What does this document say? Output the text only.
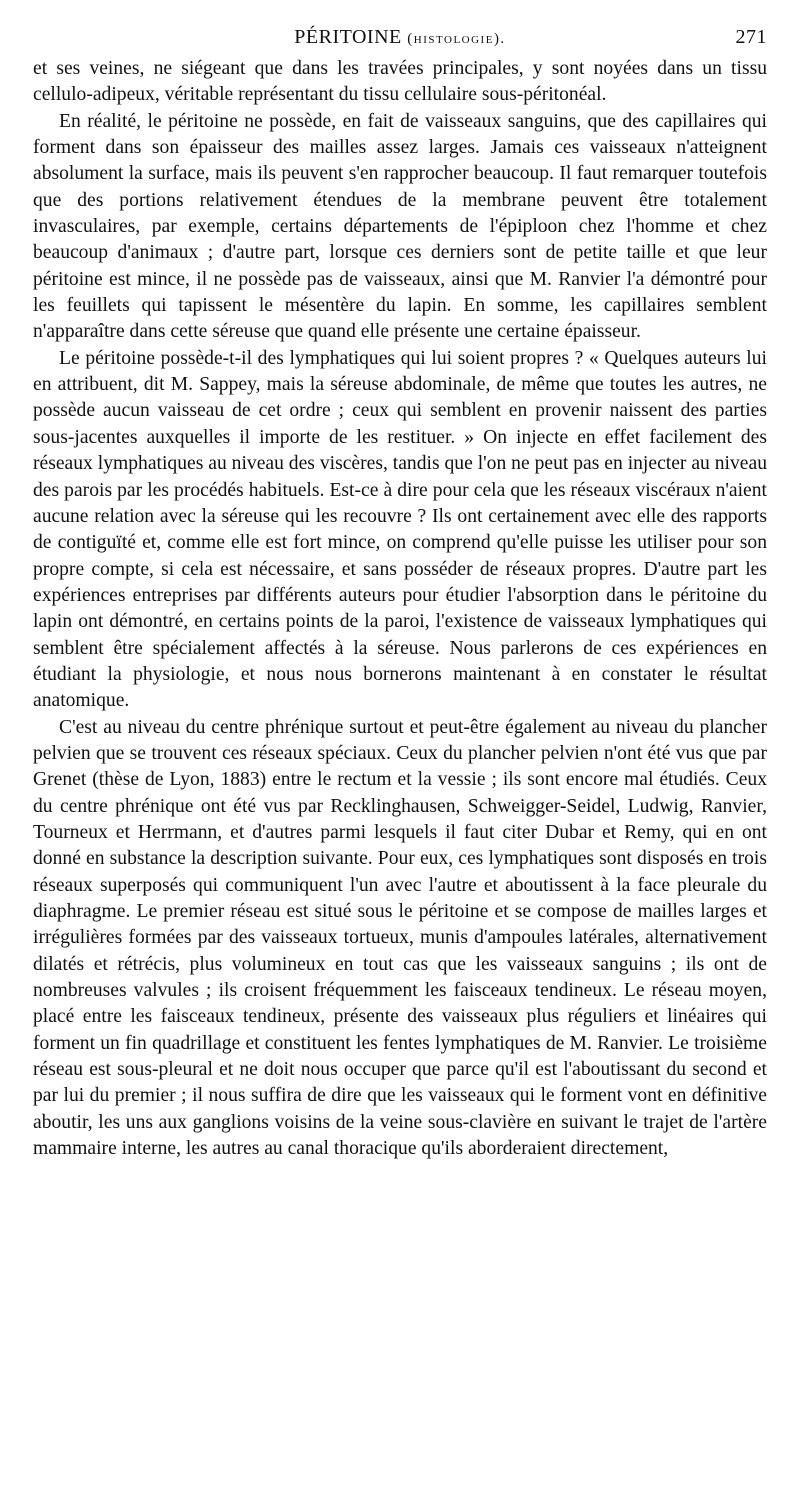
PÉRITOINE (histologie).	271

et ses veines, ne siégeant que dans les travées principales, y sont noyées dans un tissu cellulo-adipeux, véritable représentant du tissu cellulaire sous-péritonéal.

En réalité, le péritoine ne possède, en fait de vaisseaux sanguins, que des capillaires qui forment dans son épaisseur des mailles assez larges. Jamais ces vaisseaux n'atteignent absolument la surface, mais ils peuvent s'en rapprocher beaucoup. Il faut remarquer toutefois que des portions relativement étendues de la membrane peuvent être totalement invasculaires, par exemple, certains départements de l'épiploon chez l'homme et chez beaucoup d'animaux ; d'autre part, lorsque ces derniers sont de petite taille et que leur péritoine est mince, il ne possède pas de vaisseaux, ainsi que M. Ranvier l'a démontré pour les feuillets qui tapissent le mésentère du lapin. En somme, les capillaires semblent n'apparaître dans cette séreuse que quand elle présente une certaine épaisseur.

Le péritoine possède-t-il des lymphatiques qui lui soient propres ? « Quelques auteurs lui en attribuent, dit M. Sappey, mais la séreuse abdominale, de même que toutes les autres, ne possède aucun vaisseau de cet ordre ; ceux qui semblent en provenir naissent des parties sous-jacentes auxquelles il importe de les restituer. » On injecte en effet facilement des réseaux lymphatiques au niveau des viscères, tandis que l'on ne peut pas en injecter au niveau des parois par les procédés habituels. Est-ce à dire pour cela que les réseaux viscéraux n'aient aucune relation avec la séreuse qui les recouvre ? Ils ont certainement avec elle des rapports de contiguïté et, comme elle est fort mince, on comprend qu'elle puisse les utiliser pour son propre compte, si cela est nécessaire, et sans posséder de réseaux propres. D'autre part les expériences entreprises par différents auteurs pour étudier l'absorption dans le péritoine du lapin ont démontré, en certains points de la paroi, l'existence de vaisseaux lymphatiques qui semblent être spécialement affectés à la séreuse. Nous parlerons de ces expériences en étudiant la physiologie, et nous nous bornerons maintenant à en constater le résultat anatomique.

C'est au niveau du centre phrénique surtout et peut-être également au niveau du plancher pelvien que se trouvent ces réseaux spéciaux. Ceux du plancher pelvien n'ont été vus que par Grenet (thèse de Lyon, 1883) entre le rectum et la vessie ; ils sont encore mal étudiés. Ceux du centre phrénique ont été vus par Recklinghausen, Schweigger-Seidel, Ludwig, Ranvier, Tourneux et Herrmann, et d'autres parmi lesquels il faut citer Dubar et Remy, qui en ont donné en substance la description suivante. Pour eux, ces lymphatiques sont disposés en trois réseaux superposés qui communiquent l'un avec l'autre et aboutissent à la face pleurale du diaphragme. Le premier réseau est situé sous le péritoine et se compose de mailles larges et irrégulières formées par des vaisseaux tortueux, munis d'ampoules latérales, alternativement dilatés et rétrécis, plus volumineux en tout cas que les vaisseaux sanguins ; ils ont de nombreuses valvules ; ils croisent fréquemment les faisceaux tendineux. Le réseau moyen, placé entre les faisceaux tendineux, présente des vaisseaux plus réguliers et linéaires qui forment un fin quadrillage et constituent les fentes lymphatiques de M. Ranvier. Le troisième réseau est sous-pleural et ne doit nous occuper que parce qu'il est l'aboutissant du second et par lui du premier ; il nous suffira de dire que les vaisseaux qui le forment vont en définitive aboutir, les uns aux ganglions voisins de la veine sous-clavière en suivant le trajet de l'artère mammaire interne, les autres au canal thoracique qu'ils aborderaient directement,
